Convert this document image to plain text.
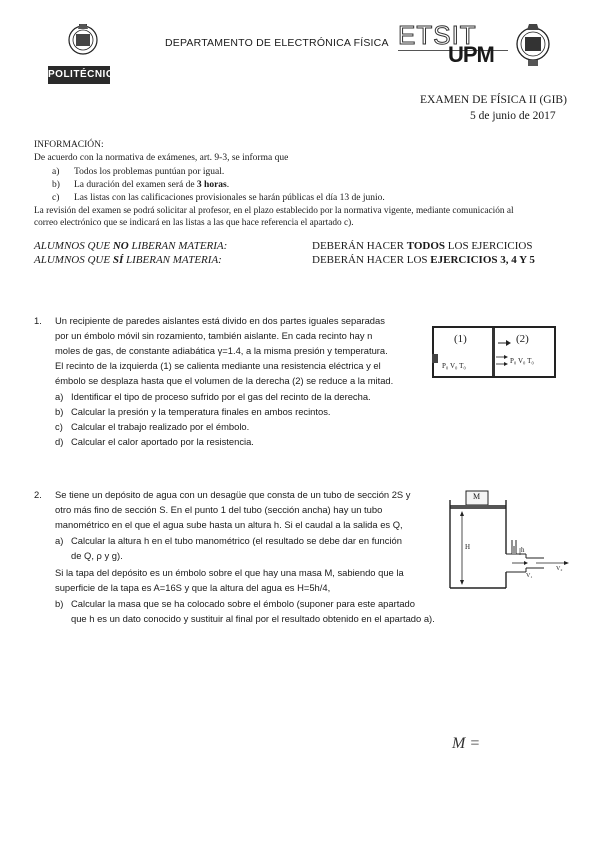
POLITÉCNICA
DEPARTAMENTO DE ELECTRÓNICA FÍSICA ETSIT
UPM
EXAMEN DE FÍSICA II (GIB)
5 de junio de 2017
INFORMACIÓN:
De acuerdo con la normativa de exámenes, art. 9-3, se informa que
a) Todos los problemas puntúan por igual.
b) La duración del examen será de 3 horas.
c) Las listas con las calificaciones provisionales se harán públicas el día 13 de junio.
La revisión del examen se podrá solicitar al profesor, en el plazo establecido por la normativa vigente, mediante comunicación al
correo electrónico que se indicará en las listas a las que hace referencia el apartado c).
ALUMNOS QUE NO LIBERAN MATERIA:	DEBERÁN HACER TODOS LOS EJERCICIOS
ALUMNOS QUE SÍ LIBERAN MATERIA:	DEBERÁN HACER LOS EJERCICIOS 3, 4 Y 5
1. Un recipiente de paredes aislantes está divido en dos partes iguales separadas
por un émbolo móvil sin rozamiento, también aislante. En cada recinto hay n
moles de gas, de constante adiabática γ=1.4, a la misma presión y temperatura.
El recinto de la izquierda (1) se calienta mediante una resistencia eléctrica y el
émbolo se desplaza hasta que el volumen de la derecha (2) se reduce a la mitad.
a) Identificar el tipo de proceso sufrido por el gas del recinto de la derecha.
b) Calcular la presión y la temperatura finales en ambos recintos.
c) Calcular el trabajo realizado por el émbolo.
d) Calcular el calor aportado por la resistencia.
(1)	(2)
P₀ V₀ T₀
P₀ V₀ T₀
2. Se tiene un depósito de agua con un desagüe que consta de un tubo de sección 2S y
otro más fino de sección S. En el punto 1 del tubo (sección ancha) hay un tubo
manométrico en el que el agua sube hasta un altura h. Si el caudal a la salida es Q,
a) Calcular la altura h en el tubo manométrico (el resultado se debe dar en función
de Q, ρ y g).
Si la tapa del depósito es un émbolo sobre el que hay una masa M, sabiendo que la
superficie de la tapa es A=16S y que la altura del agua es H=5h/4,
b) Calcular la masa que se ha colocado sobre el émbolo (suponer para este apartado
que h es un dato conocido y sustituir al final por el resultado obtenido en el apartado a).
M
H	h
V₁
V₂
M =
